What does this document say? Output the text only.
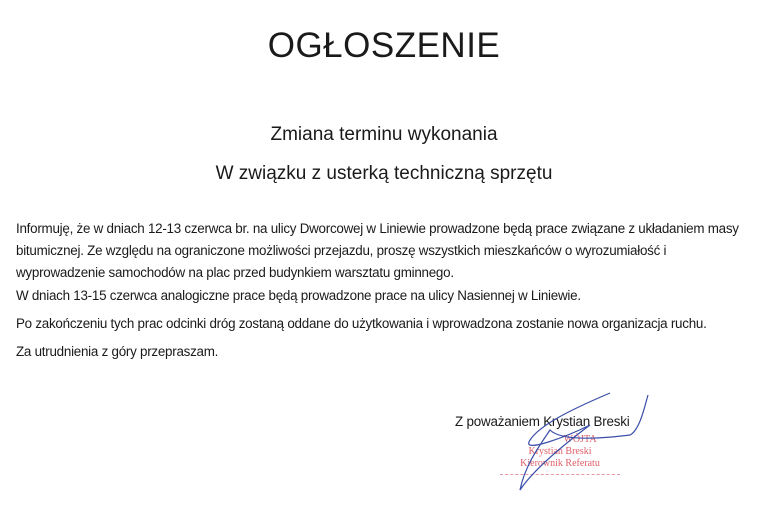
OGŁOSZENIE
Zmiana terminu wykonania
W związku z usterką techniczną sprzętu
Informuję, że w dniach 12-13 czerwca br. na ulicy Dworcowej w Liniewie prowadzone będą prace związane z układaniem masy bitumicznej. Ze względu na ograniczone możliwości przejazdu, proszę wszystkich mieszkańców o wyrozumiałość i wyprowadzenie samochodów na plac przed budynkiem warsztatu gminnego.
W dniach 13-15 czerwca analogiczne prace będą prowadzone prace na ulicy Nasiennej w Liniewie.
Po zakończeniu tych prac odcinki dróg zostaną oddane do użytkowania i wprowadzona zostanie nowa organizacja ruchu.
Za utrudnienia z góry przepraszam.
Z poważaniem Krystian Breski
WÓJTA
Krystian Breski
Kierownik Referatu
